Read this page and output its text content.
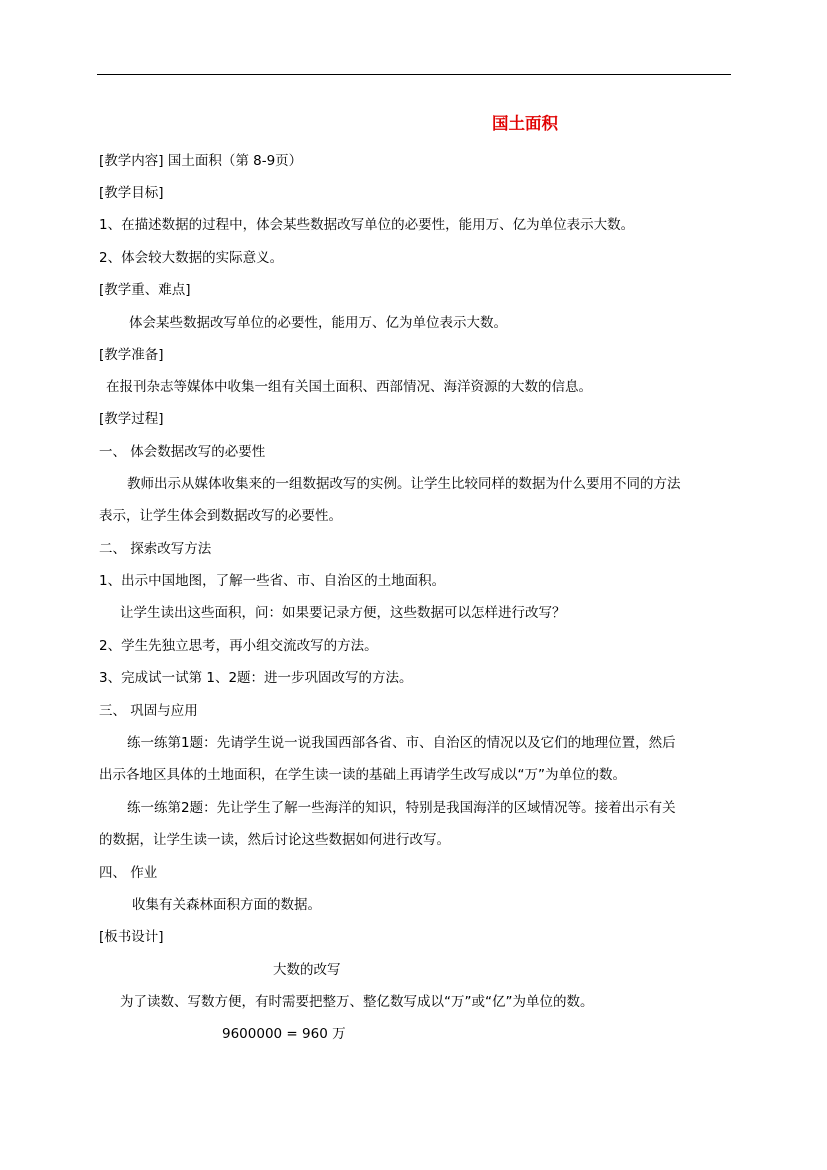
国土面积
[教学内容] 国土面积（第 8-9页）
[教学目标]
1、在描述数据的过程中，体会某些数据改写单位的必要性，能用万、亿为单位表示大数。
2、体会较大数据的实际意义。
[教学重、难点]
体会某些数据改写单位的必要性，能用万、亿为单位表示大数。
[教学准备]
在报刊杂志等媒体中收集一组有关国土面积、西部情况、海洋资源的大数的信息。
[教学过程]
一、 体会数据改写的必要性
教师出示从媒体收集来的一组数据改写的实例。让学生比较同样的数据为什么要用不同的方法
表示，让学生体会到数据改写的必要性。
二、 探索改写方法
1、出示中国地图，了解一些省、市、自治区的土地面积。
让学生读出这些面积，问：如果要记录方便，这些数据可以怎样进行改写？
2、学生先独立思考，再小组交流改写的方法。
3、完成试一试第 1、2题：进一步巩固改写的方法。
三、 巩固与应用
练一练第1题：先请学生说一说我国西部各省、市、自治区的情况以及它们的地理位置，然后
出示各地区具体的土地面积，在学生读一读的基础上再请学生改写成以“万”为单位的数。
练一练第2题：先让学生了解一些海洋的知识，特别是我国海洋的区域情况等。接着出示有关
的数据，让学生读一读，然后讨论这些数据如何进行改写。
四、 作业
收集有关森林面积方面的数据。
[板书设计]
大数的改写
为了读数、写数方便，有时需要把整万、整亿数写成以“万”或“亿”为单位的数。
9600000 = 960 万
